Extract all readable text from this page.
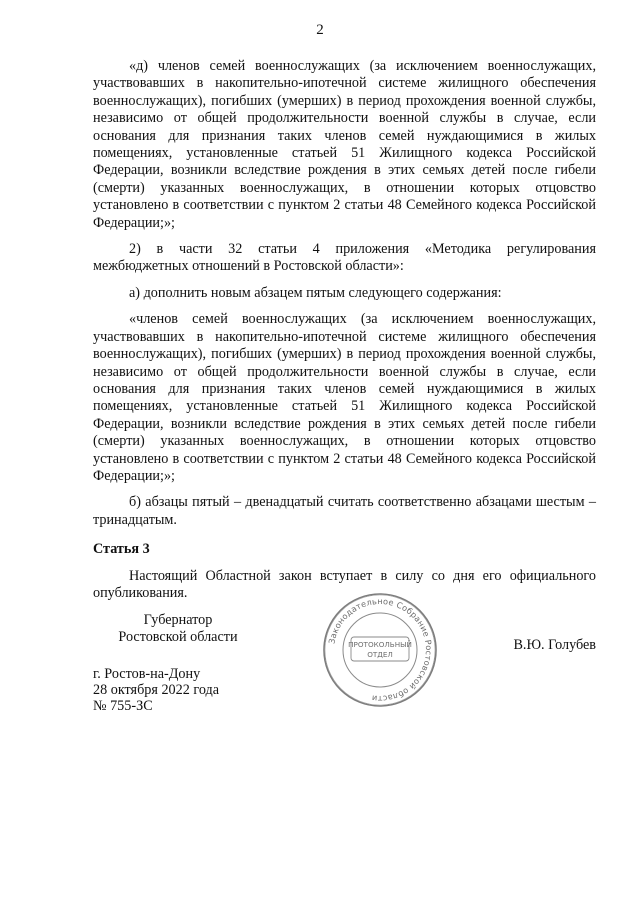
2

«д) членов семей военнослужащих (за исключением военнослужащих, участвовавших в накопительно-ипотечной системе жилищного обеспечения военнослужащих), погибших (умерших) в период прохождения военной службы, независимо от общей продолжительности военной службы в случае, если основания для признания таких членов семей нуждающимися в жилых помещениях, установленные статьей 51 Жилищного кодекса Российской Федерации, возникли вследствие рождения в этих семьях детей после гибели (смерти) указанных военнослужащих, в отношении которых отцовство установлено в соответствии с пунктом 2 статьи 48 Семейного кодекса Российской Федерации;»;

2) в части 32 статьи 4 приложения «Методика регулирования межбюджетных отношений в Ростовской области»:

а) дополнить новым абзацем пятым следующего содержания:

«членов семей военнослужащих (за исключением военнослужащих, участвовавших в накопительно-ипотечной системе жилищного обеспечения военнослужащих), погибших (умерших) в период прохождения военной службы, независимо от общей продолжительности военной службы в случае, если основания для признания таких членов семей нуждающимися в жилых помещениях, установленные статьей 51 Жилищного кодекса Российской Федерации, возникли вследствие рождения в этих семьях детей после гибели (смерти) указанных военнослужащих, в отношении которых отцовство установлено в соответствии с пунктом 2 статьи 48 Семейного кодекса Российской Федерации;»;

б) абзацы пятый – двенадцатый считать соответственно абзацами шестым – тринадцатым.

Статья 3

Настоящий Областной закон вступает в силу со дня его официального опубликования.

Губернатор
Ростовской области	В.Ю. Голубев
г. Ростов-на-Дону
28 октября 2022 года
№ 755-ЗС
Законодательное Собрание Ростовской области
ПРОТОКОЛЬНЫЙ
ОТДЕЛ
